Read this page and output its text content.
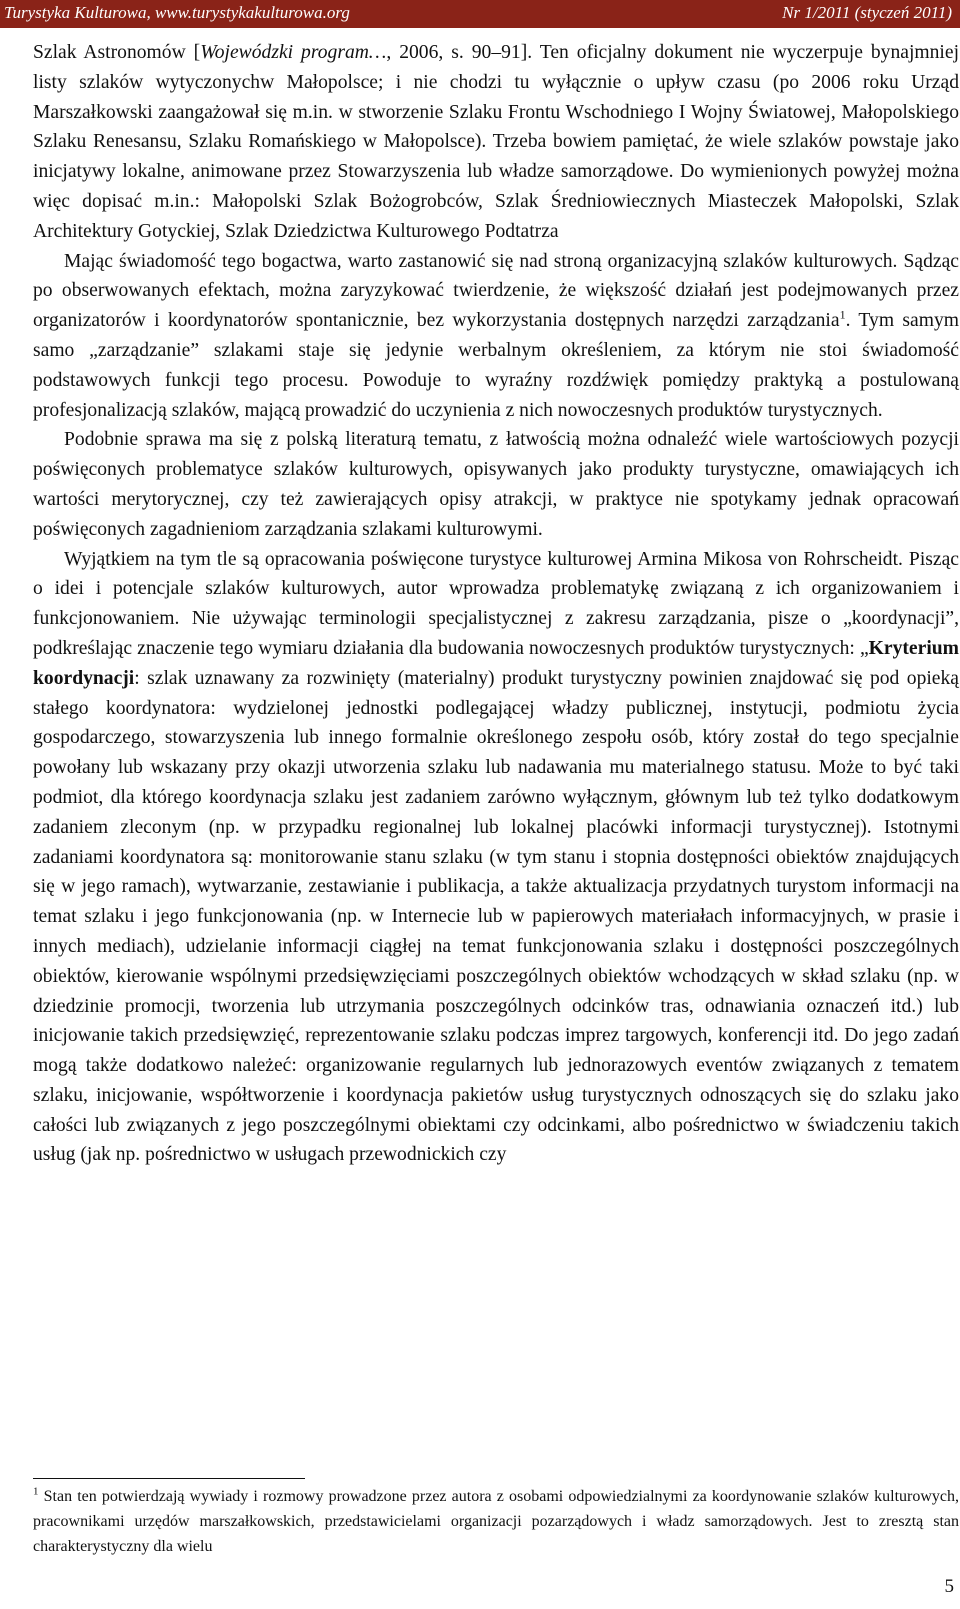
Turystyka Kulturowa, www.turystykakulturowa.org	Nr 1/2011 (styczeń 2011)

Szlak Astronomów [Wojewódzki program…, 2006, s. 90–91]. Ten oficjalny dokument nie wyczerpuje bynajmniej listy szlaków wytyczonychw Małopolsce; i nie chodzi tu wyłącznie o upływ czasu (po 2006 roku Urząd Marszałkowski zaangażował się m.in. w stworzenie Szlaku Frontu Wschodniego I Wojny Światowej, Małopolskiego Szlaku Renesansu, Szlaku Romańskiego w Małopolsce). Trzeba bowiem pamiętać, że wiele szlaków powstaje jako inicjatywy lokalne, animowane przez Stowarzyszenia lub władze samorządowe. Do wymienionych powyżej można więc dopisać m.in.: Małopolski Szlak Bożogrobców, Szlak Średniowiecznych Miasteczek Małopolski, Szlak Architektury Gotyckiej, Szlak Dziedzictwa Kulturowego Podtatrza

Mając świadomość tego bogactwa, warto zastanowić się nad stroną organizacyjną szlaków kulturowych. Sądząc po obserwowanych efektach, można zaryzykować twierdzenie, że większość działań jest podejmowanych przez organizatorów i koordynatorów spontanicznie, bez wykorzystania dostępnych narzędzi zarządzania$^1$. Tym samym samo „zarządzanie” szlakami staje się jedynie werbalnym określeniem, za którym nie stoi świadomość podstawowych funkcji tego procesu. Powoduje to wyraźny rozdźwięk pomiędzy praktyką a postulowaną profesjonalizacją szlaków, mającą prowadzić do uczynienia z nich nowoczesnych produktów turystycznych.

Podobnie sprawa ma się z polską literaturą tematu, z łatwością można odnaleźć wiele wartościowych pozycji poświęconych problematyce szlaków kulturowych, opisywanych jako produkty turystyczne, omawiających ich wartości merytorycznej, czy też zawierających opisy atrakcji, w praktyce nie spotykamy jednak opracowań poświęconych zagadnieniom zarządzania szlakami kulturowymi.

Wyjątkiem na tym tle są opracowania poświęcone turystyce kulturowej Armina Mikosa von Rohrscheidt. Pisząc o idei i potencjale szlaków kulturowych, autor wprowadza problematykę związaną z ich organizowaniem i funkcjonowaniem. Nie używając terminologii specjalistycznej z zakresu zarządzania, pisze o „koordynacji”, podkreślając znaczenie tego wymiaru działania dla budowania nowoczesnych produktów turystycznych: „Kryterium koordynacji: szlak uznawany za rozwinięty (materialny) produkt turystyczny powinien znajdować się pod opieką stałego koordynatora: wydzielonej jednostki podlegającej władzy publicznej, instytucji, podmiotu życia gospodarczego, stowarzyszenia lub innego formalnie określonego zespołu osób, który został do tego specjalnie powołany lub wskazany przy okazji utworzenia szlaku lub nadawania mu materialnego statusu. Może to być taki podmiot, dla którego koordynacja szlaku jest zadaniem zarówno wyłącznym, głównym lub też tylko dodatkowym zadaniem zleconym (np. w przypadku regionalnej lub lokalnej placówki informacji turystycznej). Istotnymi zadaniami koordynatora są: monitorowanie stanu szlaku (w tym stanu i stopnia dostępności obiektów znajdujących się w jego ramach), wytwarzanie, zestawianie i publikacja, a także aktualizacja przydatnych turystom informacji na temat szlaku i jego funkcjonowania (np. w Internecie lub w papierowych materiałach informacyjnych, w prasie i innych mediach), udzielanie informacji ciągłej na temat funkcjonowania szlaku i dostępności poszczególnych obiektów, kierowanie wspólnymi przedsięwzięciami poszczególnych obiektów wchodzących w skład szlaku (np. w dziedzinie promocji, tworzenia lub utrzymania poszczególnych odcinków tras, odnawiania oznaczeń itd.) lub inicjowanie takich przedsięwzięć, reprezentowanie szlaku podczas imprez targowych, konferencji itd. Do jego zadań mogą także dodatkowo należeć: organizowanie regularnych lub jednorazowych eventów związanych z tematem szlaku, inicjowanie, współtworzenie i koordynacja pakietów usług turystycznych odnoszących się do szlaku jako całości lub związanych z jego poszczególnymi obiektami czy odcinkami, albo pośrednictwo w świadczeniu takich usług (jak np. pośrednictwo w usługach przewodnickich czy

$^1$ Stan ten potwierdzają wywiady i rozmowy prowadzone przez autora z osobami odpowiedzialnymi za koordynowanie szlaków kulturowych, pracownikami urzędów marszałkowskich, przedstawicielami organizacji pozarządowych i władz samorządowych. Jest to zresztą stan charakterystyczny dla wielu

5
